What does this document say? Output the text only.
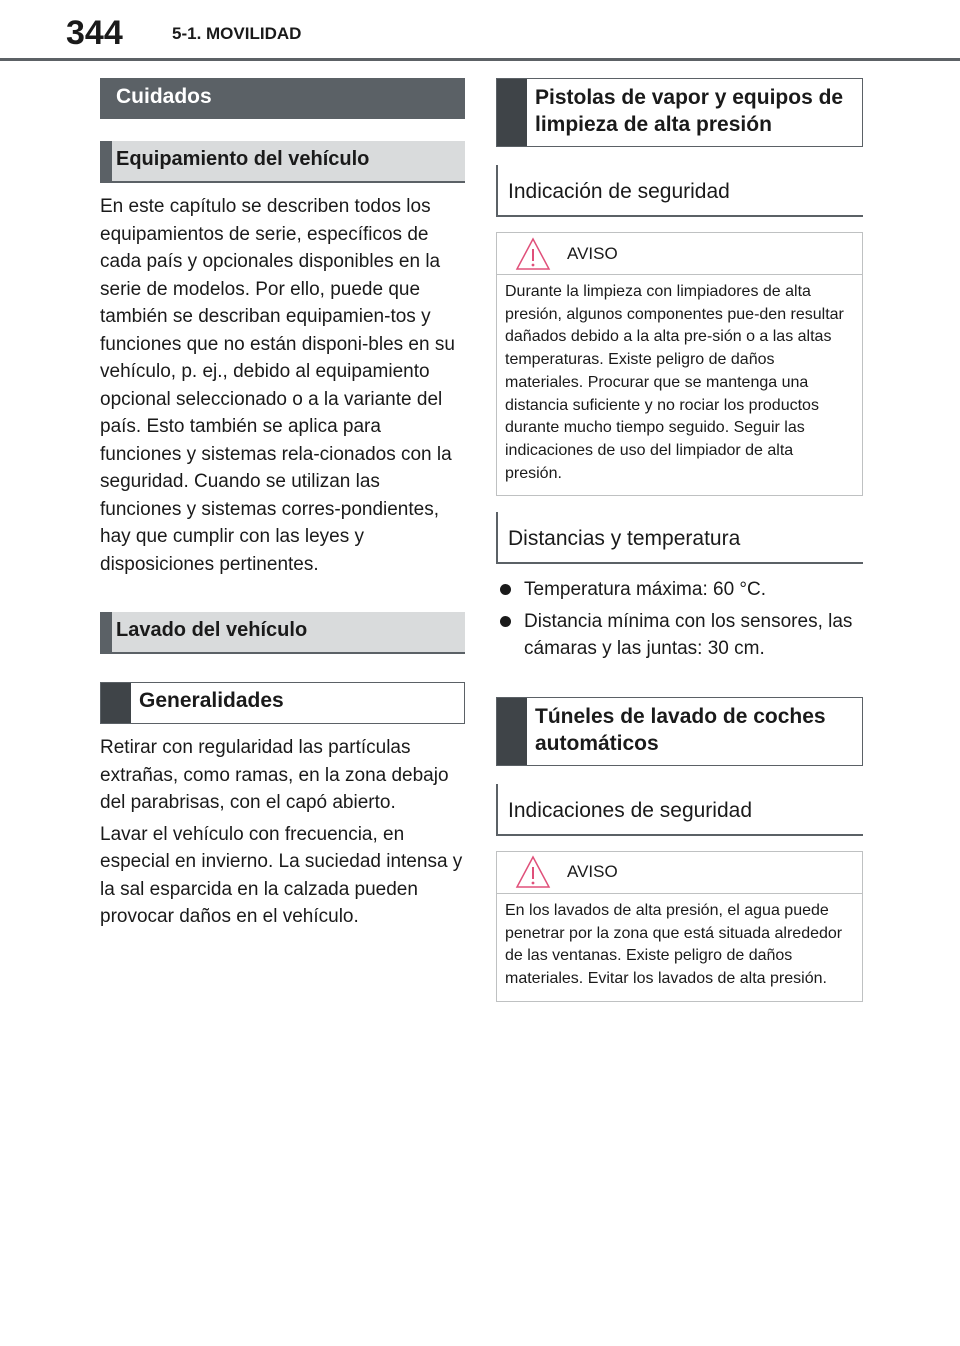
344	5-1. MOVILIDAD
Cuidados
Equipamiento del vehículo

En este capítulo se describen todos los equipamientos de serie, específicos de cada país y opcionales disponibles en la serie de modelos. Por ello, puede que también se describan equipamien-tos y funciones que no están disponi-bles en su vehículo, p. ej., debido al equipamiento opcional seleccionado o a la variante del país. Esto también se aplica para funciones y sistemas rela-cionados con la seguridad. Cuando se utilizan las funciones y sistemas corres-pondientes, hay que cumplir con las leyes y disposiciones pertinentes.

Lavado del vehículo
Generalidades

Retirar con regularidad las partículas extrañas, como ramas, en la zona debajo del parabrisas, con el capó abierto.

Lavar el vehículo con frecuencia, en especial en invierno. La suciedad intensa y la sal esparcida en la calzada pueden provocar daños en el vehículo.

Pistolas de vapor y equipos de limpieza de alta presión
Indicación de seguridad
AVISO
Durante la limpieza con limpiadores de alta presión, algunos componentes pue-den resultar dañados debido a la alta pre-sión o a las altas temperaturas. Existe peligro de daños materiales. Procurar que se mantenga una distancia suficiente y no rociar los productos durante mucho tiempo seguido. Seguir las indicaciones de uso del limpiador de alta presión.
Distancias y temperatura
Temperatura máxima: 60 °C.
Distancia mínima con los sensores, las cámaras y las juntas: 30 cm.
Túneles de lavado de coches automáticos
Indicaciones de seguridad
AVISO
En los lavados de alta presión, el agua puede penetrar por la zona que está situada alrededor de las ventanas. Existe peligro de daños materiales. Evitar los lavados de alta presión.
